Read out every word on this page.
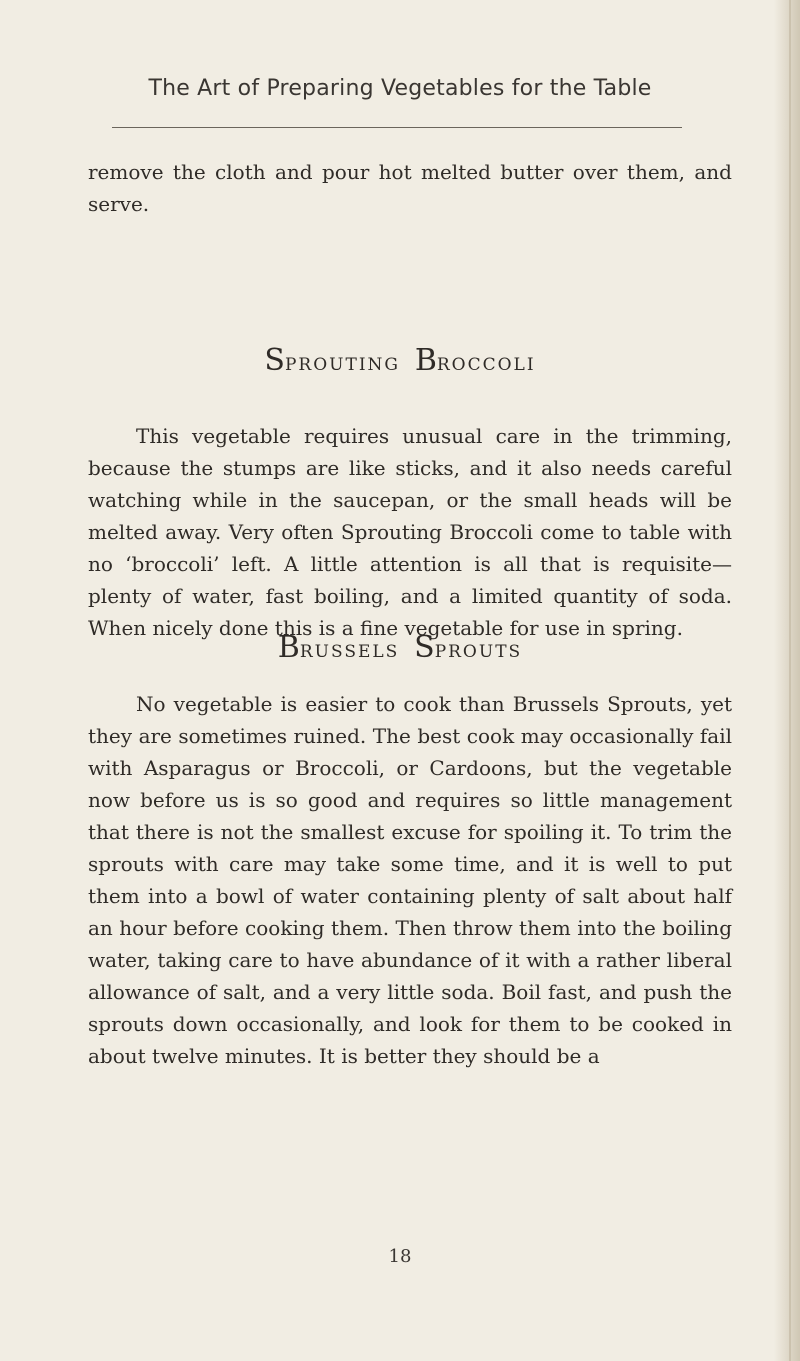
The Art of Preparing Vegetables for the Table

remove the cloth and pour hot melted butter over them, and serve.

SPROUTING BROCCOLI

This vegetable requires unusual care in the trimming, because the stumps are like sticks, and it also needs careful watching while in the saucepan, or the small heads will be melted away. Very often Sprouting Broccoli come to table with no ‘broccoli’ left. A little attention is all that is requisite—plenty of water, fast boiling, and a limited quantity of soda. When nicely done this is a fine vegetable for use in spring.

BRUSSELS SPROUTS

No vegetable is easier to cook than Brussels Sprouts, yet they are sometimes ruined. The best cook may occasionally fail with Asparagus or Broccoli, or Cardoons, but the vegetable now before us is so good and requires so little management that there is not the smallest excuse for spoiling it. To trim the sprouts with care may take some time, and it is well to put them into a bowl of water containing plenty of salt about half an hour before cooking them. Then throw them into the boiling water, taking care to have abundance of it with a rather liberal allowance of salt, and a very little soda. Boil fast, and push the sprouts down occasionally, and look for them to be cooked in about twelve minutes. It is better they should be a

18
